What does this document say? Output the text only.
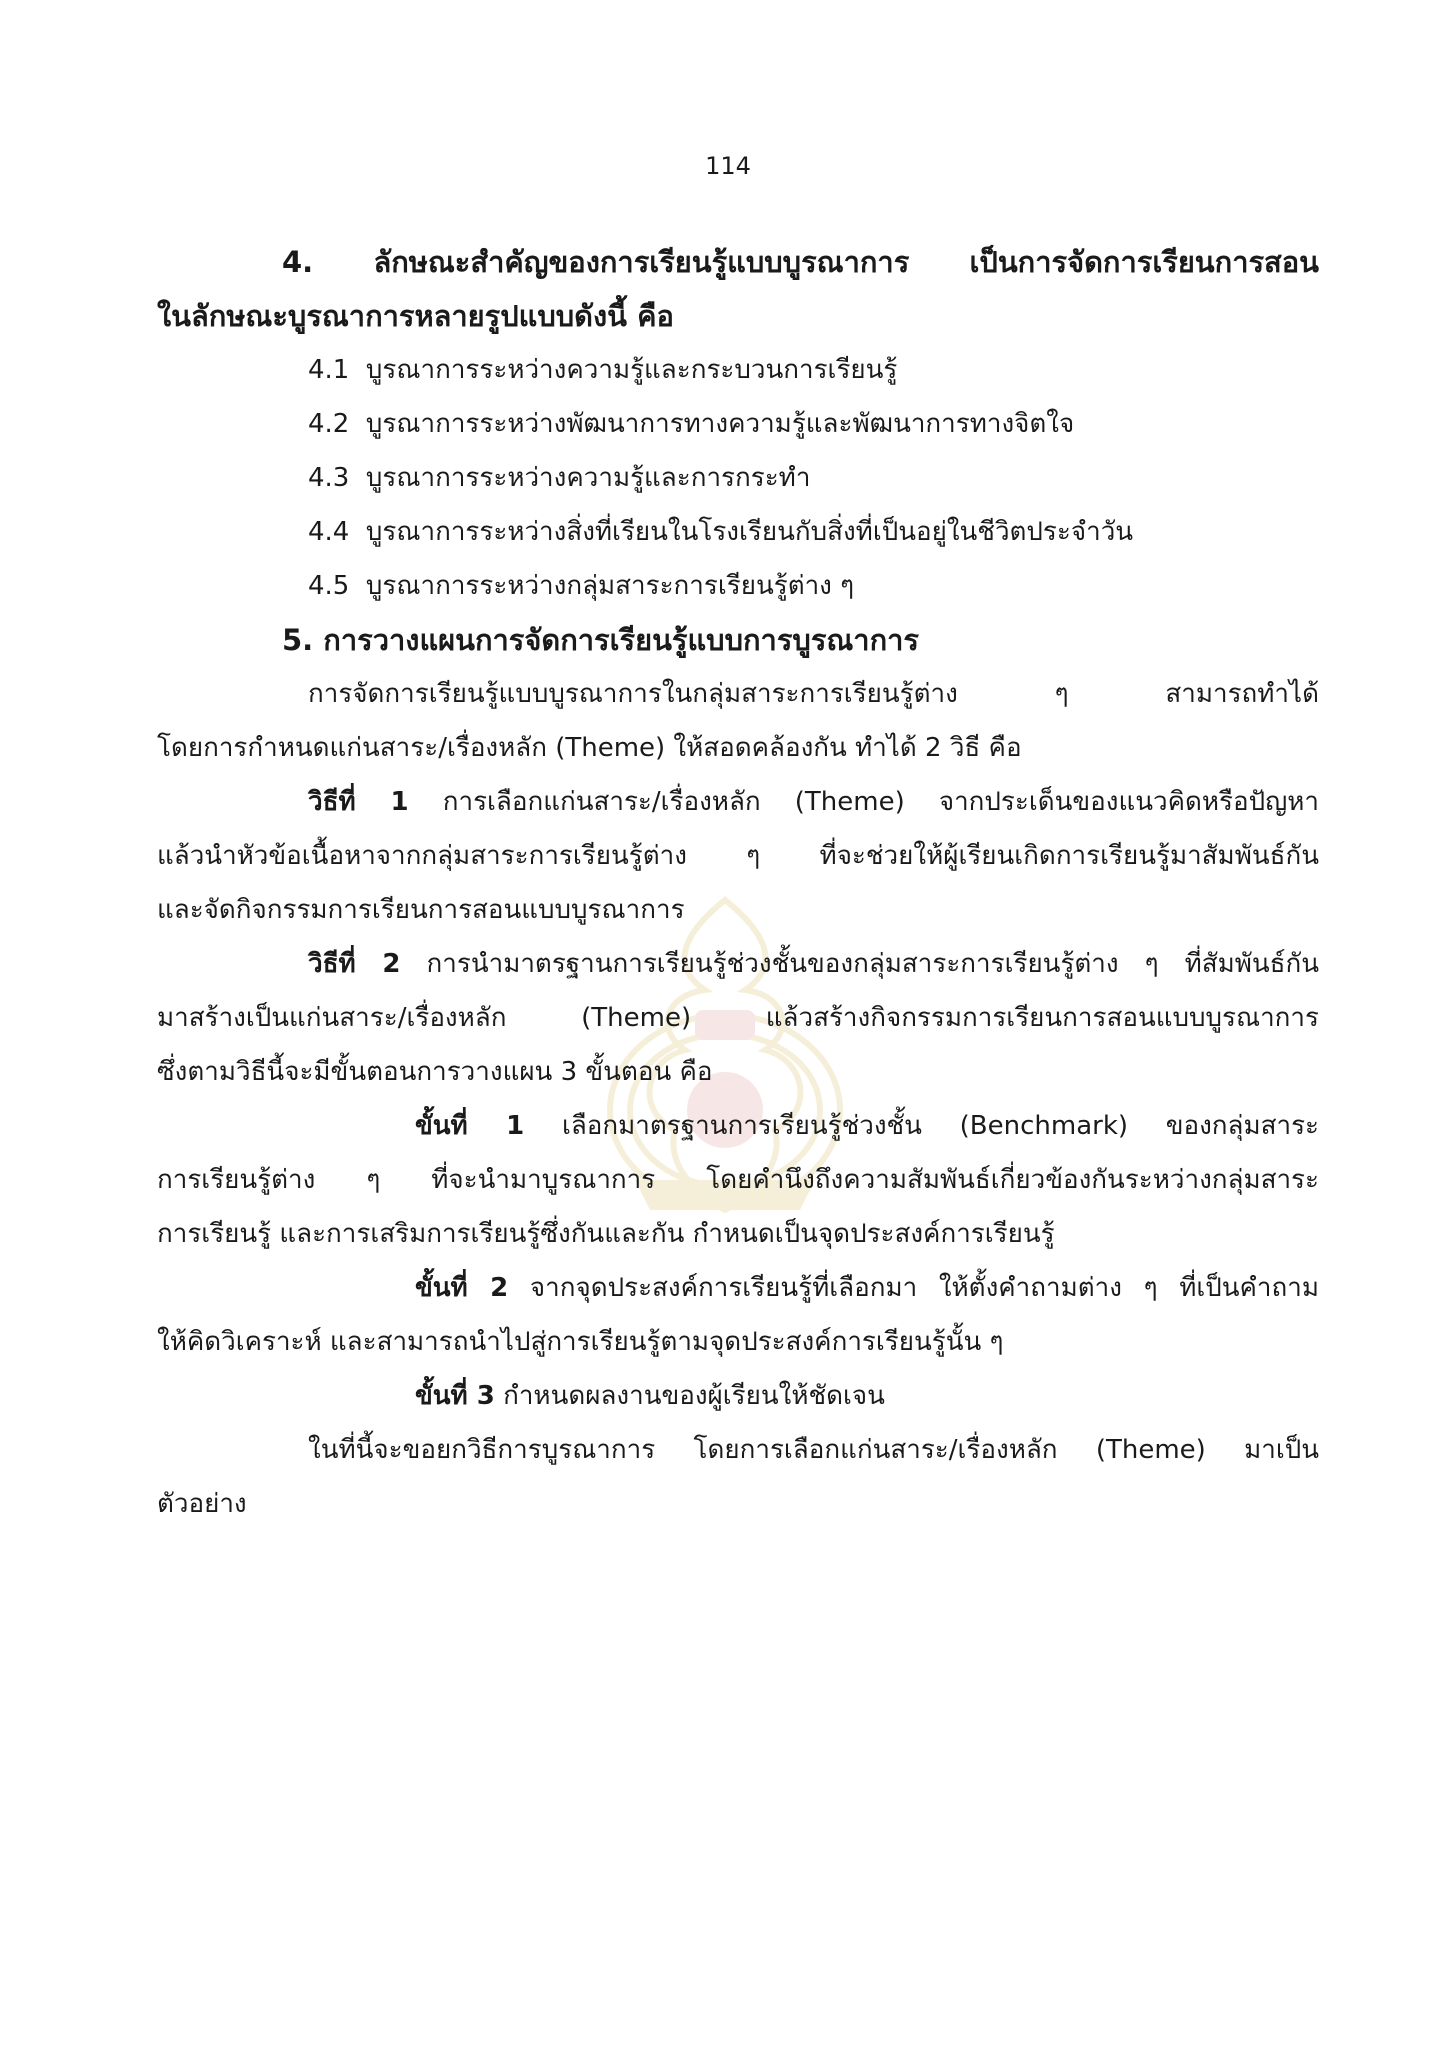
114
4. ลักษณะสำคัญของการเรียนรู้แบบบูรณาการ เป็นการจัดการเรียนการสอน
ในลักษณะบูรณาการหลายรูปแบบดังนี้ คือ
4.1 บูรณาการระหว่างความรู้และกระบวนการเรียนรู้
4.2 บูรณาการระหว่างพัฒนาการทางความรู้และพัฒนาการทางจิตใจ
4.3 บูรณาการระหว่างความรู้และการกระทำ
4.4 บูรณาการระหว่างสิ่งที่เรียนในโรงเรียนกับสิ่งที่เป็นอยู่ในชีวิตประจำวัน
4.5 บูรณาการระหว่างกลุ่มสาระการเรียนรู้ต่าง ๆ
5. การวางแผนการจัดการเรียนรู้แบบการบูรณาการ
การจัดการเรียนรู้แบบบูรณาการในกลุ่มสาระการเรียนรู้ต่าง ๆ สามารถทำได้
โดยการกำหนดแก่นสาระ/เรื่องหลัก (Theme) ให้สอดคล้องกัน ทำได้ 2 วิธี คือ
วิธีที่ 1 การเลือกแก่นสาระ/เรื่องหลัก (Theme) จากประเด็นของแนวคิดหรือปัญหา
แล้วนำหัวข้อเนื้อหาจากกลุ่มสาระการเรียนรู้ต่าง ๆ ที่จะช่วยให้ผู้เรียนเกิดการเรียนรู้มาสัมพันธ์กัน
และจัดกิจกรรมการเรียนการสอนแบบบูรณาการ
วิธีที่ 2 การนำมาตรฐานการเรียนรู้ช่วงชั้นของกลุ่มสาระการเรียนรู้ต่าง ๆ ที่สัมพันธ์กัน
มาสร้างเป็นแก่นสาระ/เรื่องหลัก (Theme) แล้วสร้างกิจกรรมการเรียนการสอนแบบบูรณาการ
ซึ่งตามวิธีนี้จะมีขั้นตอนการวางแผน 3 ขั้นตอน คือ
ขั้นที่ 1 เลือกมาตรฐานการเรียนรู้ช่วงชั้น (Benchmark) ของกลุ่มสาระ
การเรียนรู้ต่าง ๆ ที่จะนำมาบูรณาการ โดยคำนึงถึงความสัมพันธ์เกี่ยวข้องกันระหว่างกลุ่มสาระ
การเรียนรู้ และการเสริมการเรียนรู้ซึ่งกันและกัน กำหนดเป็นจุดประสงค์การเรียนรู้
ขั้นที่ 2 จากจุดประสงค์การเรียนรู้ที่เลือกมา ให้ตั้งคำถามต่าง ๆ ที่เป็นคำถาม
ให้คิดวิเคราะห์ และสามารถนำไปสู่การเรียนรู้ตามจุดประสงค์การเรียนรู้นั้น ๆ
ขั้นที่ 3 กำหนดผลงานของผู้เรียนให้ชัดเจน
ในที่นี้จะขอยกวิธีการบูรณาการ โดยการเลือกแก่นสาระ/เรื่องหลัก (Theme) มาเป็น
ตัวอย่าง
